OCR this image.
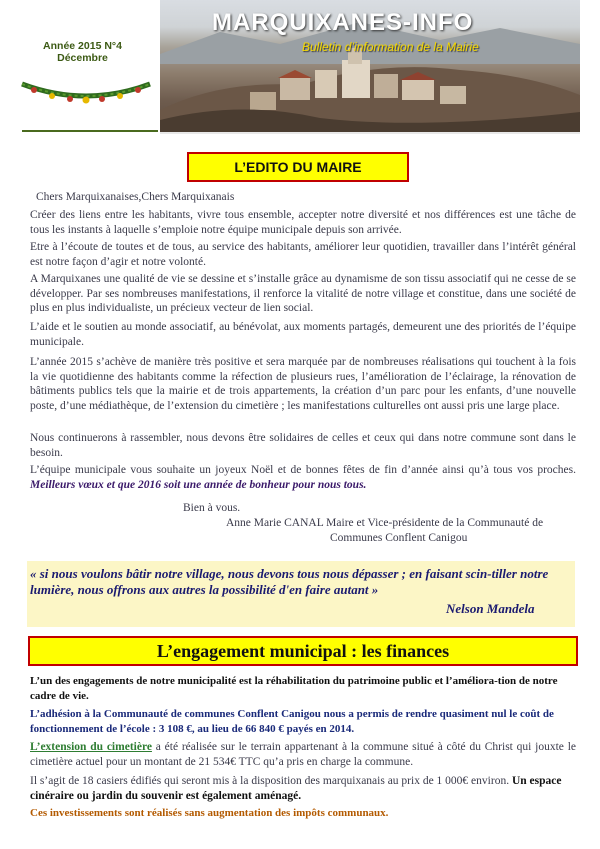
Année 2015 N°4
Décembre
MARQUIXANES-INFO
Bulletin d’information de la Mairie
L’EDITO DU MAIRE
Chers Marquixanaises,Chers Marquixanais
Créer des liens entre les habitants, vivre tous ensemble, accepter notre diversité et nos différences est une tâche de tous les instants à laquelle s’emploie notre équipe municipale depuis son arrivée.
Etre à l’écoute de toutes et de tous, au service des habitants, améliorer leur quotidien, travailler dans l’intérêt général est notre façon d’agir et notre volonté.
A Marquixanes une qualité de vie se dessine et s’installe grâce au dynamisme de son tissu associatif qui ne cesse de se développer. Par ses nombreuses manifestations, il renforce la vitalité de notre village et constitue, dans une société de plus en plus individualiste, un précieux vecteur de lien social.
L’aide et le soutien au monde associatif, au bénévolat, aux moments partagés, demeurent une des priorités de l’équipe municipale.
L’année 2015 s’achève de manière très positive et sera marquée par de nombreuses réalisations qui touchent à la fois la vie quotidienne des habitants comme la réfection de plusieurs rues, l’amélioration de l’éclairage, la rénovation de bâtiments publics tels que la mairie et de trois appartements, la création d’un parc pour les enfants, d’une nouvelle poste, d’une médiathèque, de l’extension du cimetière ; les manifestations culturelles ont aussi pris une large place.
Nous continuerons à rassembler, nous devons être solidaires de celles et ceux qui dans notre commune sont dans le besoin.
L’équipe municipale vous souhaite un joyeux Noël et de bonnes fêtes de fin d’année ainsi qu’à tous vos proches. Meilleurs vœux et que 2016 soit une année de bonheur pour nous tous.
Bien à vous.
Anne Marie CANAL Maire et Vice-présidente de la Communauté de
Communes Conflent Canigou
« si nous voulons bâtir notre village, nous devons tous nous dépasser ; en faisant scin-tiller notre lumière, nous offrons aux autres la possibilité d'en faire autant »
Nelson Mandela
L’engagement municipal : les finances
L’un des engagements de notre municipalité est la réhabilitation du patrimoine public et l’améliora-tion de notre cadre de vie.
L’adhésion à la Communauté de communes Conflent Canigou nous a permis de rendre quasiment nul le coût de fonctionnement de l’école : 3 108 €, au lieu de 66 840 € payés en 2014.
L’extension du cimetière a été réalisée sur le terrain appartenant à la commune situé à côté du Christ qui jouxte le cimetière actuel pour un montant de 21 534€ TTC qu’a pris en charge la commune.
Il s’agit de 18 casiers édifiés qui seront mis à la disposition des marquixanais au prix de 1 000€ environ. Un espace cinéraire ou jardin du souvenir est également aménagé.
Ces investissements sont réalisés sans augmentation des impôts communaux.
